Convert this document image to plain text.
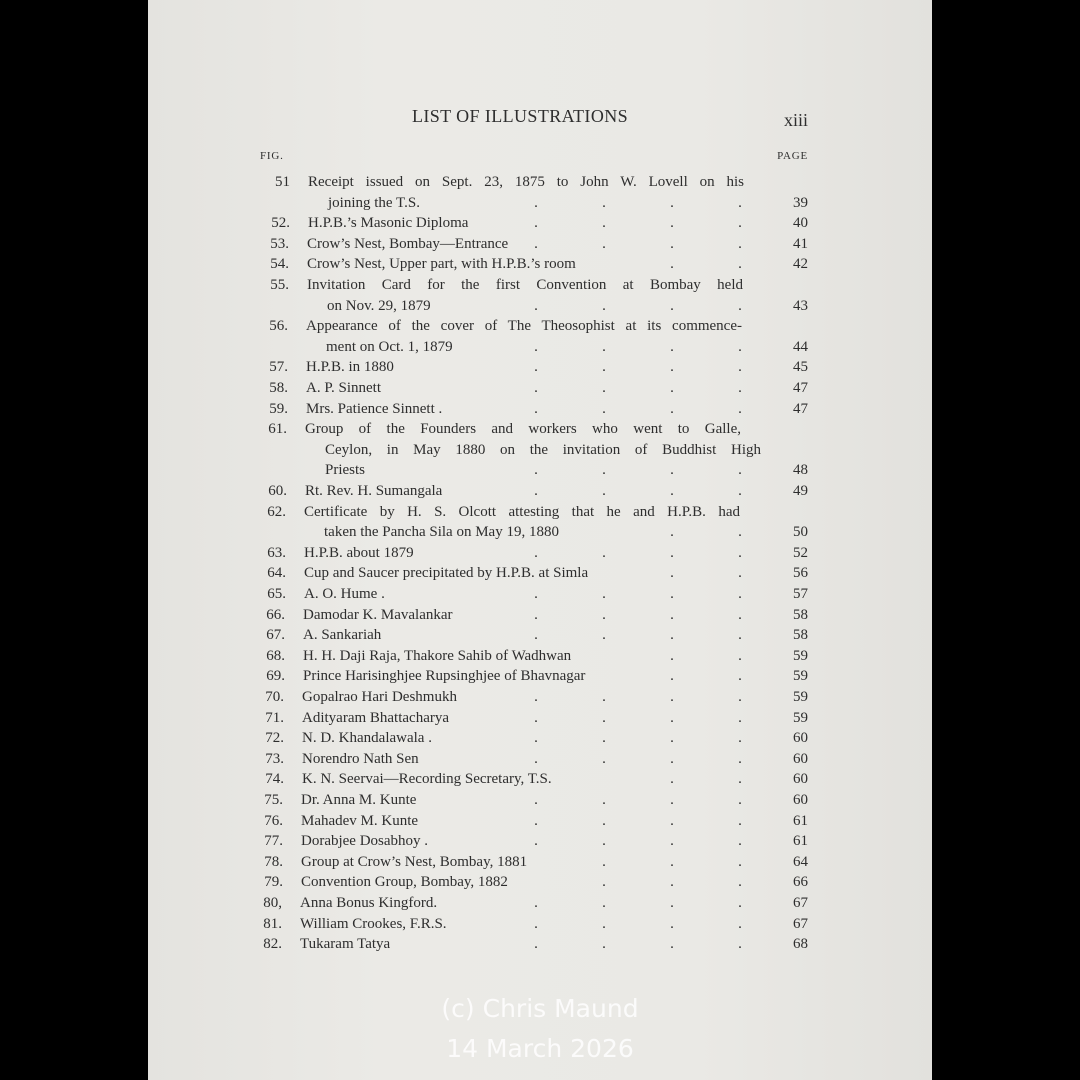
LIST OF ILLUSTRATIONS	xiii
FIG.	PAGE
51 Receipt issued on Sept. 23, 1875 to John W. Lovell on his
joining the T.S.	.	.	.	.	39
52. H.P.B.’s Masonic Diploma	.	.	.	.	40
53. Crow’s Nest, Bombay—Entrance .	.	.	.	41
54. Crow’s Nest, Upper part, with H.P.B.’s room	.	.	42
55. Invitation Card for the first Convention at Bombay held
on Nov. 29, 1879	.	.	.	.	43
56. Appearance of the cover of The Theosophist at its commence-
ment on Oct. 1, 1879	.	.	.	.	44
57. H.P.B. in 1880	.	.	.	.	45
58. A. P. Sinnett	.	.	.	.	47
59. Mrs. Patience Sinnett .	.	.	.	.	47
61. Group of the Founders and workers who went to Galle,
Ceylon, in May 1880 on the invitation of Buddhist High
Priests	.	.	.	.	48
60. Rt. Rev. H. Sumangala	.	.	.	.	49
62. Certificate by H. S. Olcott attesting that he and H.P.B. had
taken the Pancha Sila on May 19, 1880	.	.	50
63. H.P.B. about 1879	.	.	.	.	52
64. Cup and Saucer precipitated by H.P.B. at Simla	.	.	56
65. A. O. Hume .	.	.	.	.	57
66. Damodar K. Mavalankar	.	.	.	.	58
67. A. Sankariah	.	.	.	.	58
68. H. H. Daji Raja, Thakore Sahib of Wadhwan	.	.	59
69. Prince Harisinghjee Rupsinghjee of Bhavnagar	.	.	59
70. Gopalrao Hari Deshmukh	.	.	.	.	59
71. Adityaram Bhattacharya	.	.	.	.	59
72. N. D. Khandalawala .	.	.	.	.	60
73. Norendro Nath Sen	.	.	.	.	60
74. K. N. Seervai—Recording Secretary, T.S.	.	.	60
75. Dr. Anna M. Kunte	.	.	.	.	60
76. Mahadev M. Kunte	.	.	.	.	61
77. Dorabjee Dosabhoy .	.	.	.	.	61
78. Group at Crow’s Nest, Bombay, 1881	.	.	.	64
79. Convention Group, Bombay, 1882	.	.	.	66
80, Anna Bonus Kingford.	.	.	.	.	67
81. William Crookes, F.R.S.	.	.	.	.	67
82. Tukaram Tatya	.	.	.	.	68
(c) Chris Maund
14 March 2026
